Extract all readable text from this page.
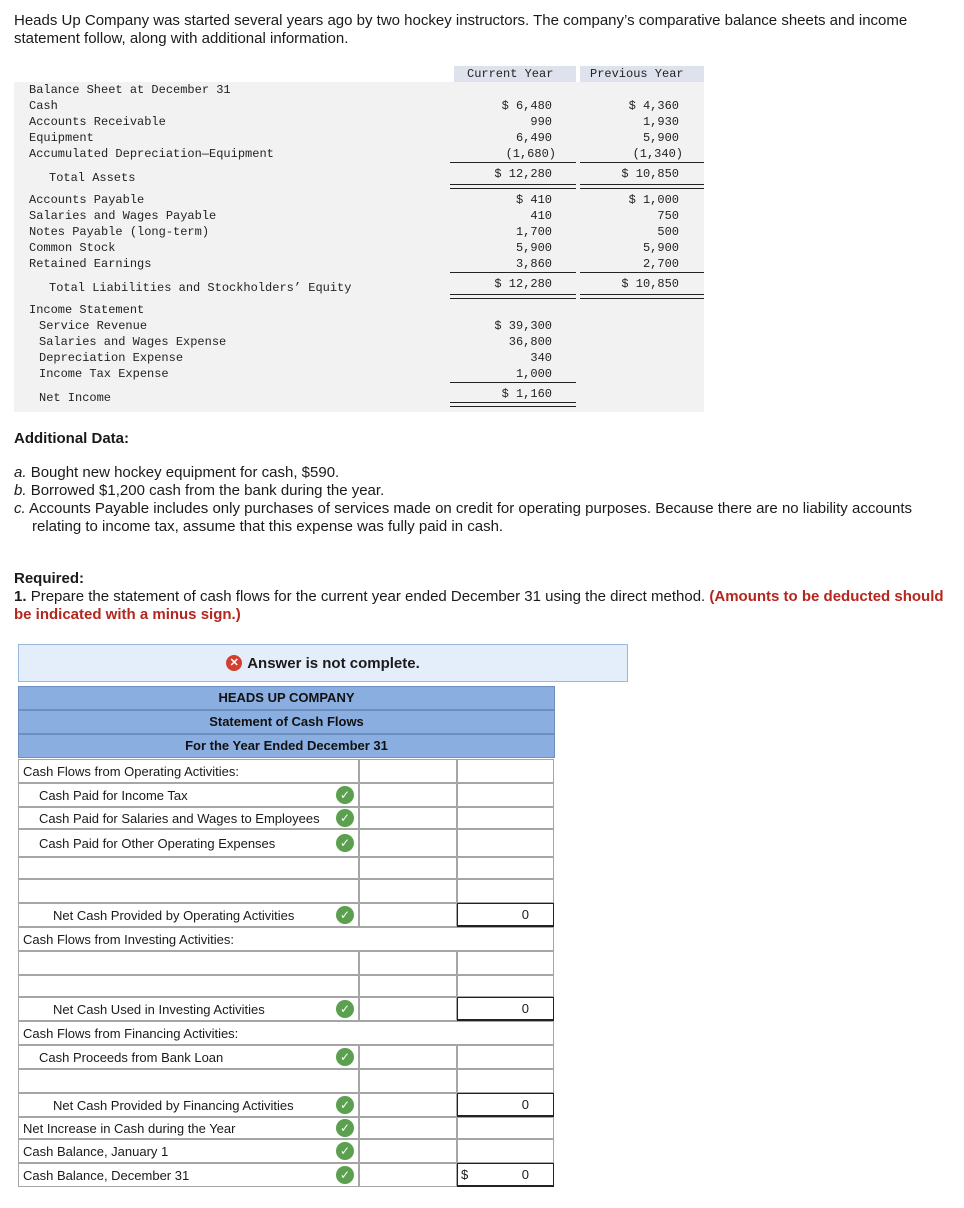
Heads Up Company was started several years ago by two hockey instructors. The company’s comparative balance sheets and income statement follow, along with additional information.
Current Year	Previous Year
Balance Sheet at December 31
Cash	$ 6,480	$ 4,360
Accounts Receivable	990	1,930
Equipment	6,490	5,900
Accumulated Depreciation—Equipment	(1,680)	(1,340)
Total Assets	$ 12,280	$ 10,850
Accounts Payable	$ 410	$ 1,000
Salaries and Wages Payable	410	750
Notes Payable (long-term)	1,700	500
Common Stock	5,900	5,900
Retained Earnings	3,860	2,700
Total Liabilities and Stockholders’ Equity	$ 12,280	$ 10,850
Income Statement
Service Revenue	$ 39,300
Salaries and Wages Expense	36,800
Depreciation Expense	340
Income Tax Expense	1,000
Net Income	$ 1,160
Additional Data:
a. Bought new hockey equipment for cash, $590.
b. Borrowed $1,200 cash from the bank during the year.
c. Accounts Payable includes only purchases of services made on credit for operating purposes. Because there are no liability accounts relating to income tax, assume that this expense was fully paid in cash.
Required:
1. Prepare the statement of cash flows for the current year ended December 31 using the direct method. (Amounts to be deducted should be indicated with a minus sign.)
✕ Answer is not complete.
HEADS UP COMPANY
Statement of Cash Flows
For the Year Ended December 31
Cash Flows from Operating Activities:
Cash Paid for Income Tax	✓
Cash Paid for Salaries and Wages to Employees	✓
Cash Paid for Other Operating Expenses	✓
Net Cash Provided by Operating Activities	✓	0
Cash Flows from Investing Activities:
Net Cash Used in Investing Activities	✓	0
Cash Flows from Financing Activities:
Cash Proceeds from Bank Loan	✓
Net Cash Provided by Financing Activities	✓	0
Net Increase in Cash during the Year	✓
Cash Balance, January 1	✓
Cash Balance, December 31	✓	$	0
